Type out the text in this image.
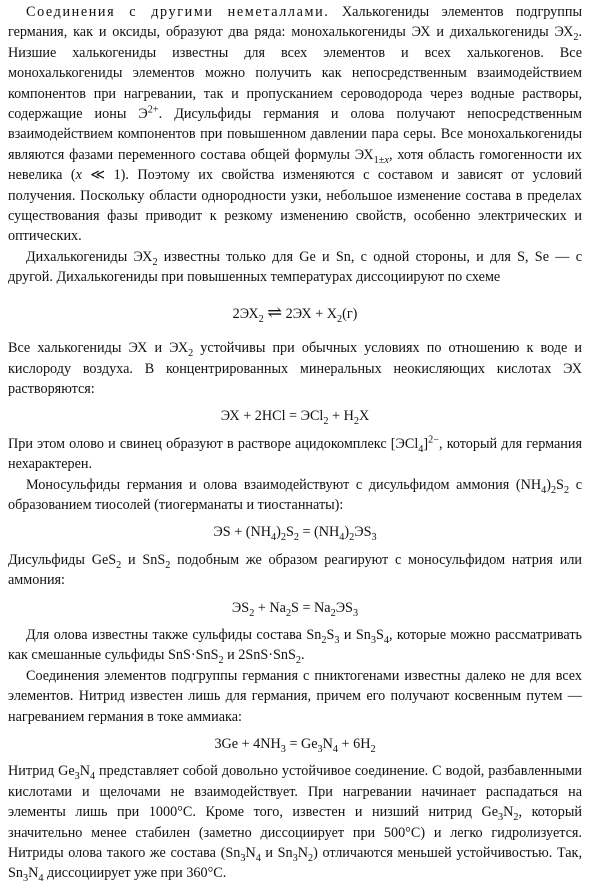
Соединения с другими неметаллами. Халькогениды элементов подгруппы германия, как и оксиды, образуют два ряда: монохалькогениды ЭХ и дихалькогениды $ЭХ_2$. Низшие халькогениды известны для всех элементов и всех халькогенов. Все монохалькогениды элементов можно получить как непосредственным взаимодействием компонентов при нагревании, так и пропусканием сероводорода через водные растворы, содержащие ионы $Э^{2+}$. Дисульфиды германия и олова получают непосредственным взаимодействием компонентов при повышенном давлении пара серы. Все монохалькогениды являются фазами переменного состава общей формулы $ЭХ_{1\pm x}$, хотя область гомогенности их невелика (x ≪ 1). Поэтому их свойства изменяются с составом и зависят от условий получения. Поскольку области однородности узки, небольшое изменение состава в пределах существования фазы приводит к резкому изменению свойств, особенно электрических и оптических.

Дихалькогениды $ЭХ_2$ известны только для Ge и Sn, с одной стороны, и для S, Se — с другой. Дихалькогениды при повышенных температурах диссоциируют по схеме

$2ЭХ_2$ ⇌ $2ЭХ + Х_2(г)$

Все халькогениды ЭХ и $ЭХ_2$ устойчивы при обычных условиях по отношению к воде и кислороду воздуха. В концентрированных минеральных неокисляющих кислотах ЭХ растворяются:

ЭХ + $2HCl = ЭCl_2 + H_2X$

При этом олово и свинец образуют в растворе ацидокомплекс $[ЭCl_4]^{2-}$, который для германия нехарактерен.

Моносульфиды германия и олова взаимодействуют с дисульфидом аммония $(NH_4)_2S_2$ с образованием тиосолей (тиогерманаты и тиостаннаты):

ЭS + $(NH_4)_2S_2 = (NH_4)_2ЭS_3$

Дисульфиды GeS$_2$ и SnS$_2$ подобным же образом реагируют с моносульфидом натрия или аммония:

$ЭS_2 + Na_2S = Na_2ЭS_3$

Для олова известны также сульфиды состава $Sn_2S_3$ и $Sn_3S_4$, которые можно рассматривать как смешанные сульфиды SnS·SnS$_2$ и 2SnS·SnS$_2$.

Соединения элементов подгруппы германия с пниктогенами известны далеко не для всех элементов. Нитрид известен лишь для германия, причем его получают косвенным путем — нагреванием германия в токе аммиака:

$3Ge + 4NH_3 = Ge_3N_4 + 6H_2$

Нитрид $Ge_3N_4$ представляет собой довольно устойчивое соединение. С водой, разбавленными кислотами и щелочами не взаимодействует. При нагревании начинает распадаться на элементы лишь при 1000°C. Кроме того, известен и низший нитрид $Ge_3N_2$, который значительно менее стабилен (заметно диссоциирует при 500°C) и легко гидролизуется. Нитриды олова такого же состава ($Sn_3N_4$ и $Sn_3N_2$) отличаются меньшей устойчивостью. Так, $Sn_3N_4$ диссоциирует уже при 360°C.
